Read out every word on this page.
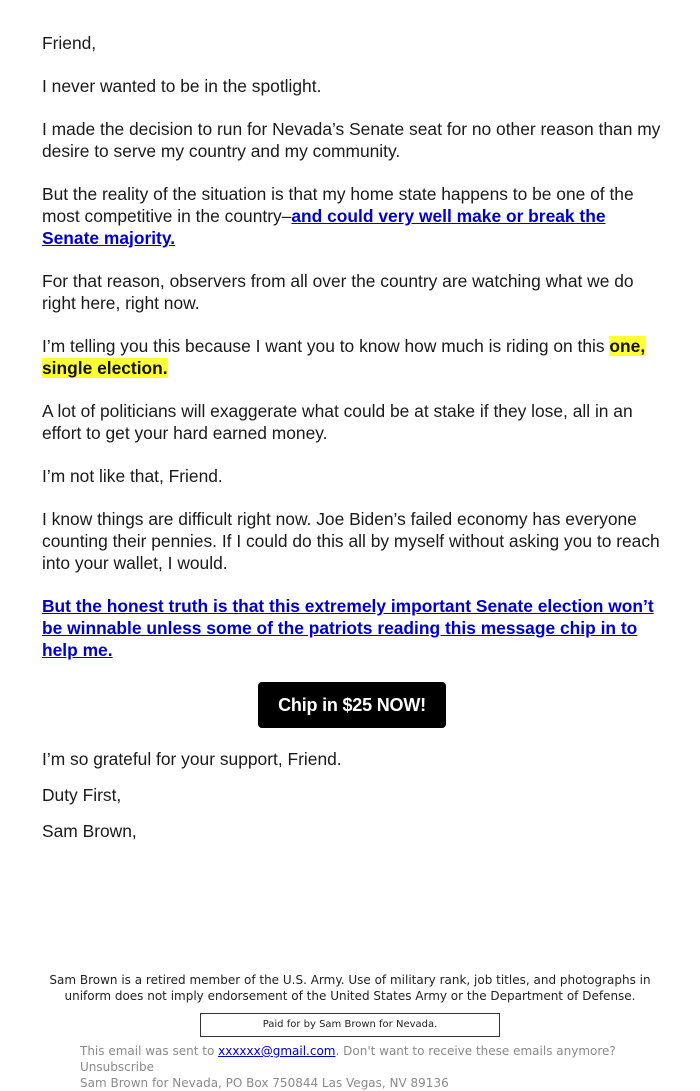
Friend,

I never wanted to be in the spotlight.

I made the decision to run for Nevada’s Senate seat for no other reason than my desire to serve my country and my community.

But the reality of the situation is that my home state happens to be one of the most competitive in the country–and could very well make or break the Senate majority.

For that reason, observers from all over the country are watching what we do right here, right now.

I’m telling you this because I want you to know how much is riding on this one, single election.

A lot of politicians will exaggerate what could be at stake if they lose, all in an effort to get your hard earned money.

I’m not like that, Friend.

I know things are difficult right now. Joe Biden’s failed economy has everyone counting their pennies. If I could do this all by myself without asking you to reach into your wallet, I would.

But the honest truth is that this extremely important Senate election won’t be winnable unless some of the patriots reading this message chip in to help me.

Chip in $25 NOW!

I’m so grateful for your support, Friend.

Duty First,

Sam Brown,

Sam Brown is a retired member of the U.S. Army. Use of military rank, job titles, and photographs in uniform does not imply endorsement of the United States Army or the Department of Defense.
Paid for by Sam Brown for Nevada.
This email was sent to xxxxxx@gmail.com. Don't want to receive these emails anymore? Unsubscribe
Sam Brown for Nevada, PO Box 750844 Las Vegas, NV 89136
